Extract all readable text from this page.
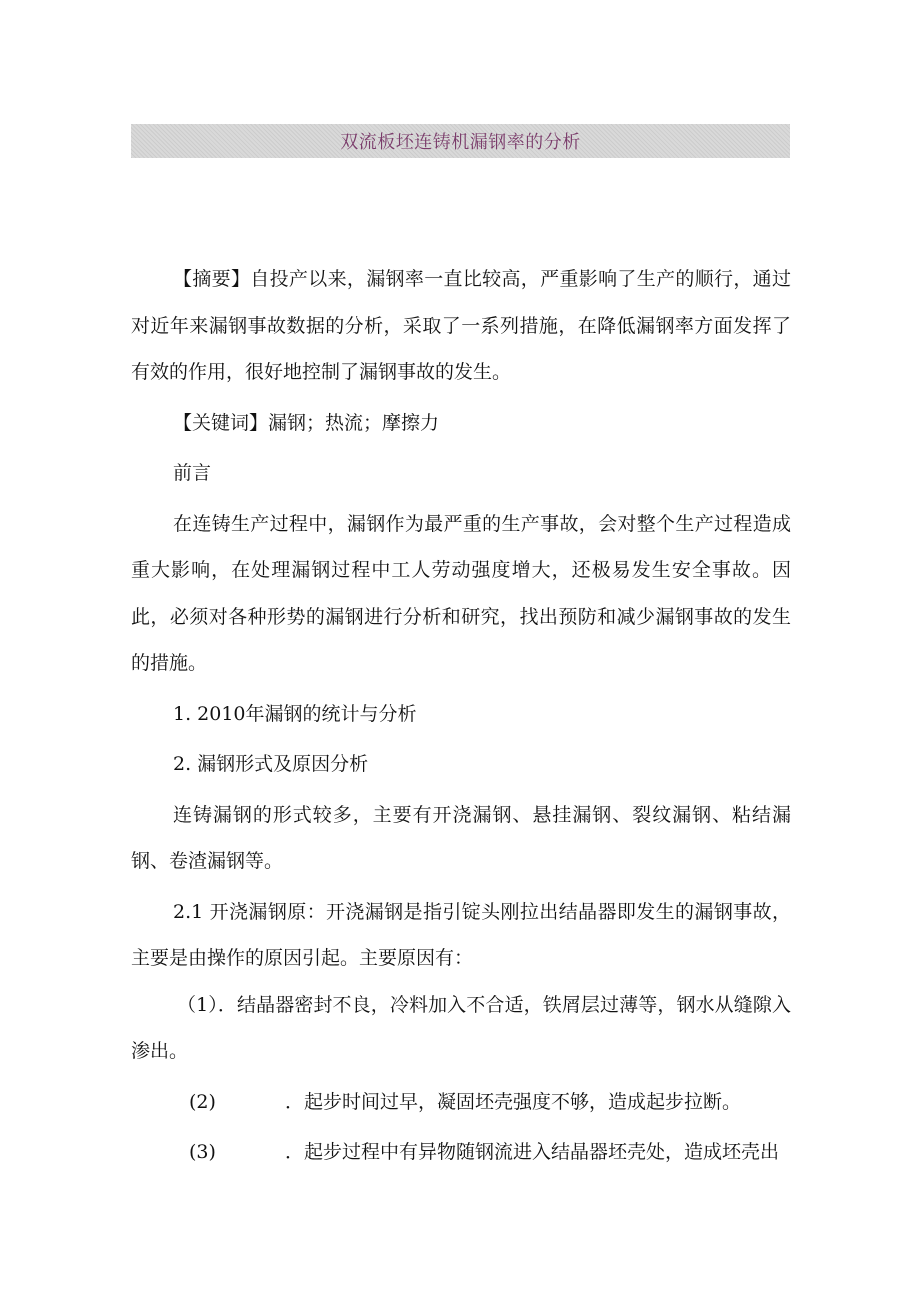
双流板坯连铸机漏钢率的分析

【摘要】自投产以来，漏钢率一直比较高，严重影响了生产的顺行，通过对近年来漏钢事故数据的分析，采取了一系列措施，在降低漏钢率方面发挥了有效的作用，很好地控制了漏钢事故的发生。

【关键词】漏钢；热流；摩擦力

前言

在连铸生产过程中，漏钢作为最严重的生产事故，会对整个生产过程造成重大影响，在处理漏钢过程中工人劳动强度增大，还极易发生安全事故。因此，必须对各种形势的漏钢进行分析和研究，找出预防和减少漏钢事故的发生的措施。

1. 2010年漏钢的统计与分析

2. 漏钢形式及原因分析

连铸漏钢的形式较多，主要有开浇漏钢、悬挂漏钢、裂纹漏钢、粘结漏钢、卷渣漏钢等。

2.1 开浇漏钢原：开浇漏钢是指引锭头刚拉出结晶器即发生的漏钢事故，主要是由操作的原因引起。主要原因有：

（1）．结晶器密封不良，冷料加入不合适，铁屑层过薄等，钢水从缝隙入渗出。

(2)	．起步时间过早，凝固坯壳强度不够，造成起步拉断。
(3)	．起步过程中有异物随钢流进入结晶器坯壳处，造成坯壳出
